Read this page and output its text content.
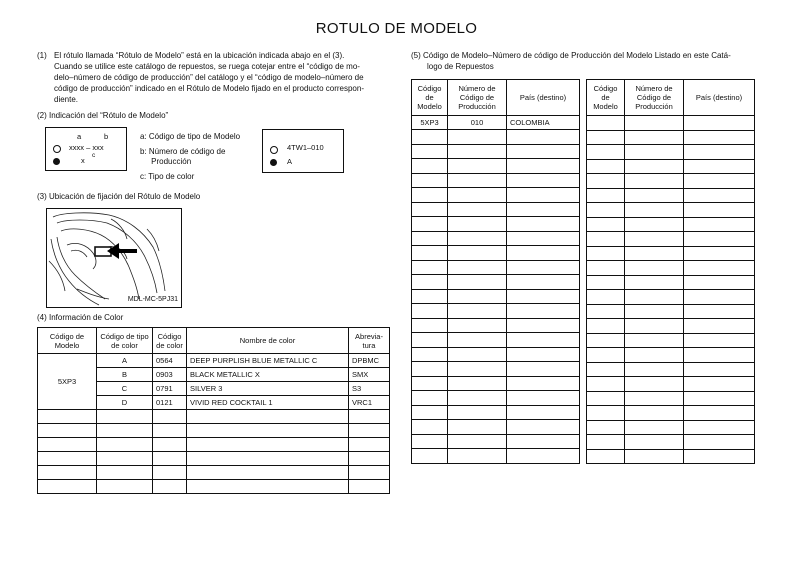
ROTULO DE MODELO
(1) El rótulo llamada “Rótulo de Modelo” está en la ubicación indicada abajo en el (3).
Cuando se utilice este catálogo de repuestos, se ruega cotejar entre el “código de mo-
delo–número de código de producción” del catálogo y el “código de modelo–número de
código de producción” indicado en el Rótulo de Modelo fijado en el producto correspon-
diente.
(2) Indicación del “Rótulo de Modelo”
a	b
xxxx – xxx
x
c
a: Código de tipo de Modelo
b: Número de código de
Producción
c: Tipo de color
4TW1–010
A
(3) Ubicación de fijación del Rótulo de Modelo
MDL-MC-5PJ31
(4) Información de Color
Código de Modelo	Código de tipo de color	Código de color	Nombre de color	Abrevia-tura
5XP3	A	0564	DEEP PURPLISH BLUE METALLIC C	DPBMC
	B	0903	BLACK METALLIC X	SMX
	C	0791	SILVER 3	S3
	D	0121	VIVID RED COCKTAIL 1	VRC1

(5) Código de Modelo–Número de código de Producción del Modelo Listado en este Catá-
logo de Repuestos
Código de Modelo	Número de Código de Producción	País (destino)
5XP3	010	COLOMBIA

Código de Modelo	Número de Código de Producción	País (destino)
